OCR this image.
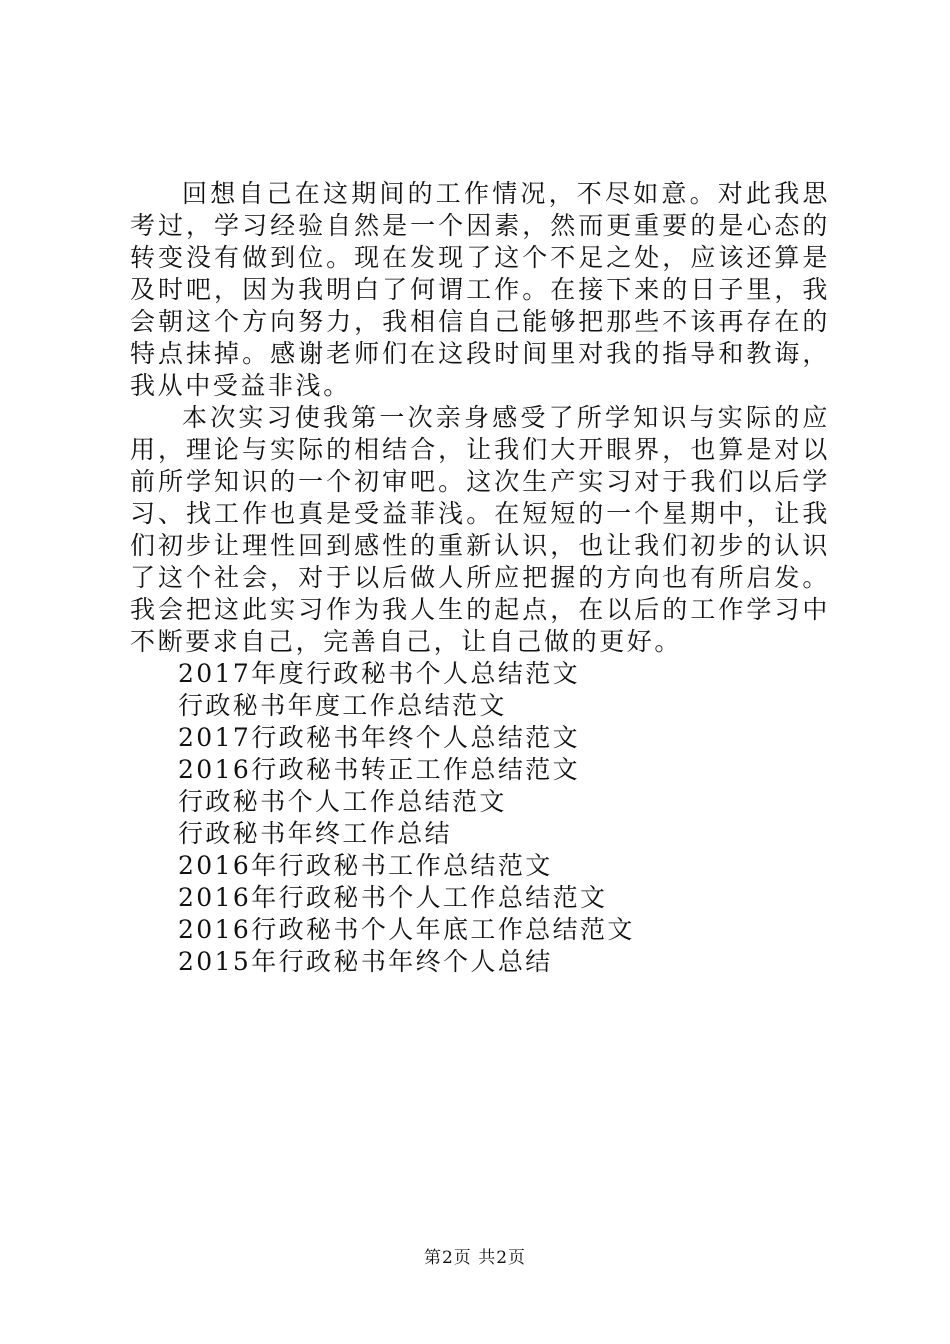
回想自己在这期间的工作情况，不尽如意。对此我思考过，学习经验自然是一个因素，然而更重要的是心态的转变没有做到位。现在发现了这个不足之处，应该还算是及时吧，因为我明白了何谓工作。在接下来的日子里，我会朝这个方向努力，我相信自己能够把那些不该再存在的特点抹掉。感谢老师们在这段时间里对我的指导和教诲，我从中受益非浅。

本次实习使我第一次亲身感受了所学知识与实际的应用，理论与实际的相结合，让我们大开眼界，也算是对以前所学知识的一个初审吧。这次生产实习对于我们以后学习、找工作也真是受益菲浅。在短短的一个星期中，让我们初步让理性回到感性的重新认识，也让我们初步的认识了这个社会，对于以后做人所应把握的方向也有所启发。我会把这此实习作为我人生的起点，在以后的工作学习中不断要求自己，完善自己，让自己做的更好。

2017年度行政秘书个人总结范文
行政秘书年度工作总结范文
2017行政秘书年终个人总结范文
2016行政秘书转正工作总结范文
行政秘书个人工作总结范文
行政秘书年终工作总结
2016年行政秘书工作总结范文
2016年行政秘书个人工作总结范文
2016行政秘书个人年底工作总结范文
2015年行政秘书年终个人总结
第2页 共2页
